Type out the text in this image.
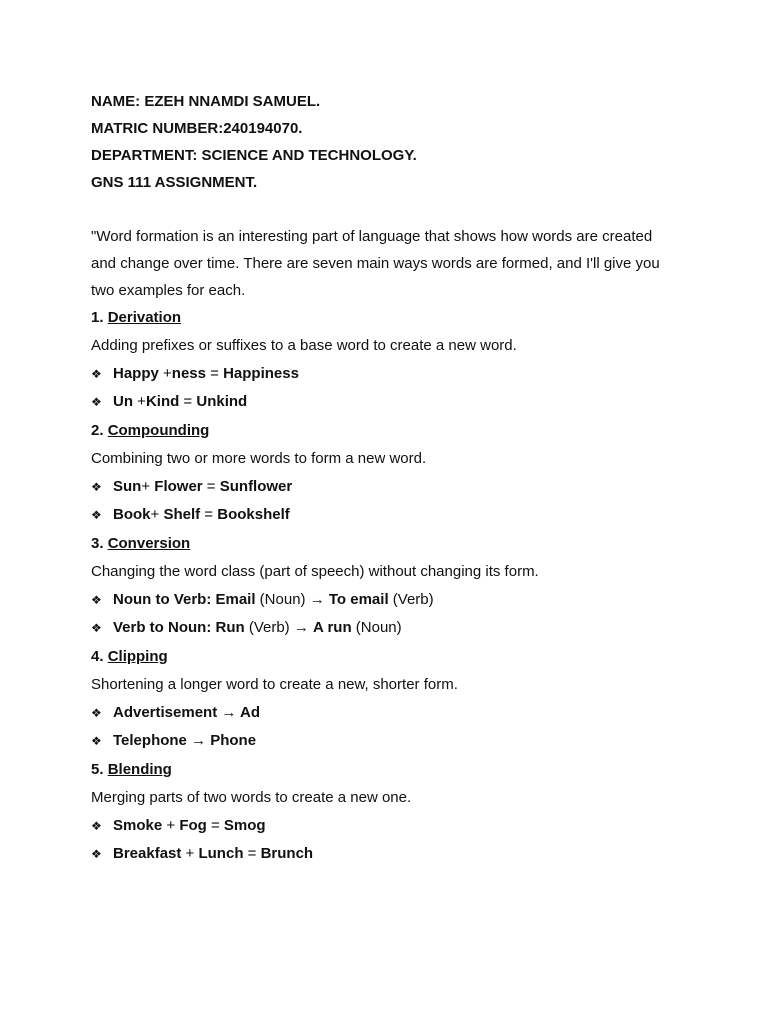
NAME: EZEH NNAMDI SAMUEL.
MATRIC NUMBER:240194070.
DEPARTMENT: SCIENCE AND TECHNOLOGY.
GNS 111 ASSIGNMENT.
"Word formation is an interesting part of language that shows how words are created
and change over time. There are seven main ways words are formed, and I'll give you
two examples for each.
1. Derivation
Adding prefixes or suffixes to a base word to create a new word.
❖ Happy +ness = Happiness
❖ Un +Kind = Unkind
2. Compounding
Combining two or more words to form a new word.
❖ Sun+ Flower = Sunflower
❖ Book+ Shelf = Bookshelf
3. Conversion
Changing the word class (part of speech) without changing its form.
❖ Noun to Verb: Email (Noun) → To email (Verb)
❖ Verb to Noun: Run (Verb) → A run (Noun)
4. Clipping
Shortening a longer word to create a new, shorter form.
❖ Advertisement → Ad
❖ Telephone → Phone
5. Blending
Merging parts of two words to create a new one.
❖ Smoke + Fog = Smog
❖ Breakfast + Lunch = Brunch
